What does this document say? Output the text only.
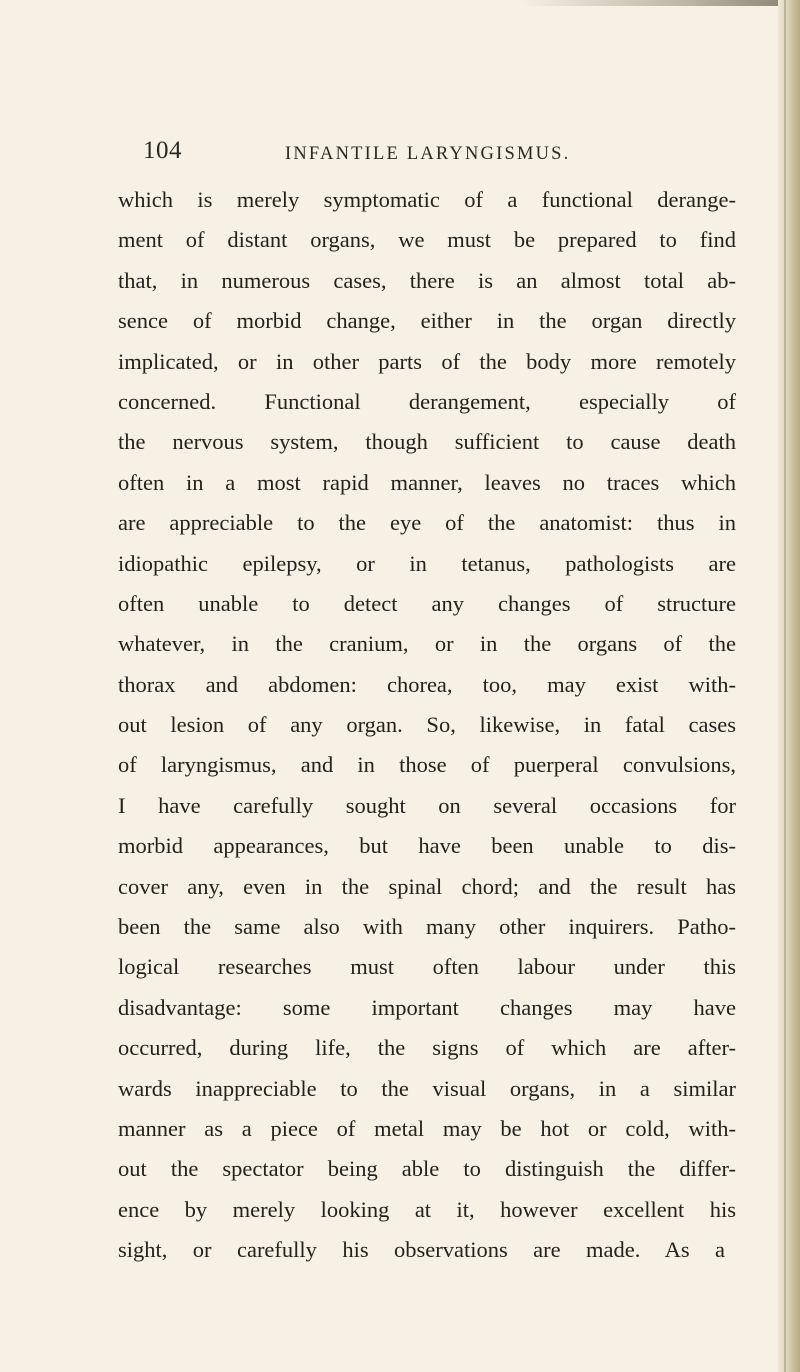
104	INFANTILE LARYNGISMUS.
which is merely symptomatic of a functional derange-
ment of distant organs, we must be prepared to find
that, in numerous cases, there is an almost total ab-
sence of morbid change, either in the organ directly
implicated, or in other parts of the body more remotely
concerned. Functional derangement, especially of
the nervous system, though sufficient to cause death
often in a most rapid manner, leaves no traces which
are appreciable to the eye of the anatomist: thus in
idiopathic epilepsy, or in tetanus, pathologists are
often unable to detect any changes of structure
whatever, in the cranium, or in the organs of the
thorax and abdomen: chorea, too, may exist with-
out lesion of any organ. So, likewise, in fatal cases
of laryngismus, and in those of puerperal convulsions,
I have carefully sought on several occasions for
morbid appearances, but have been unable to dis-
cover any, even in the spinal chord; and the result has
been the same also with many other inquirers. Patho-
logical researches must often labour under this
disadvantage: some important changes may have
occurred, during life, the signs of which are after-
wards inappreciable to the visual organs, in a similar
manner as a piece of metal may be hot or cold, with-
out the spectator being able to distinguish the differ-
ence by merely looking at it, however excellent his
sight, or carefully his observations are made. As a
